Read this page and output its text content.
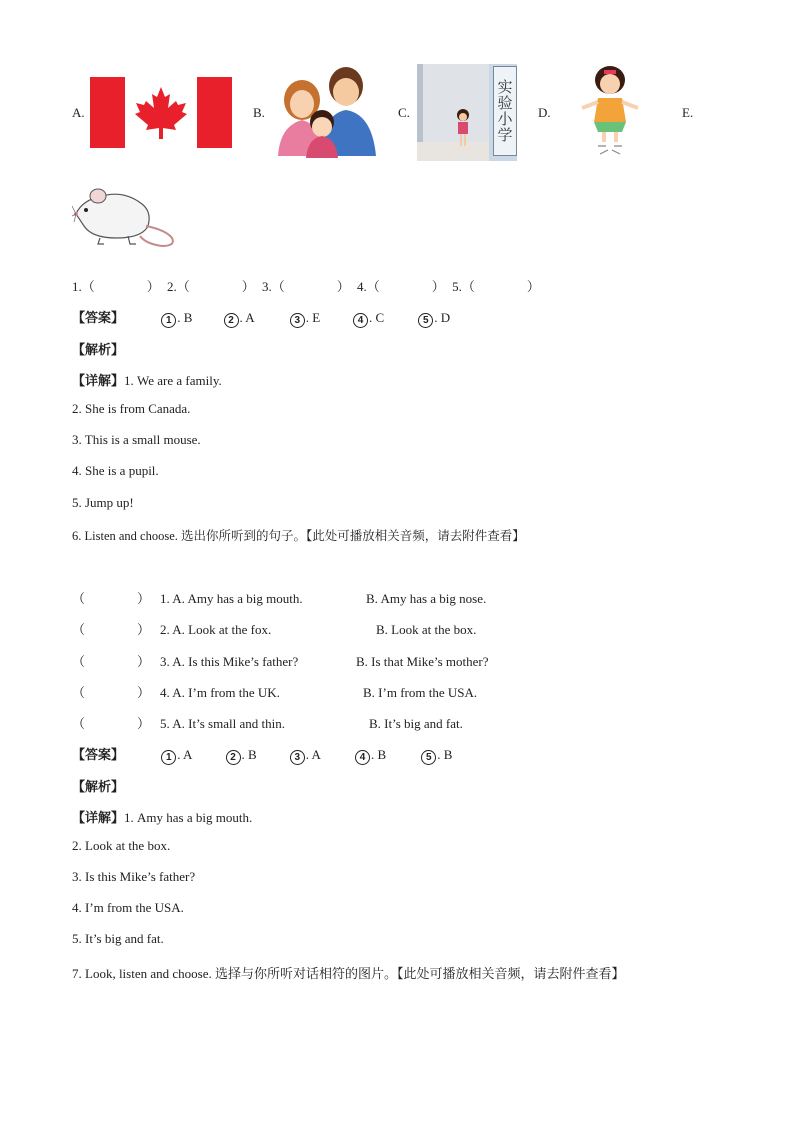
A.	B.	C.	实验小学 D.	E.
1.（　　　　） 2.（　　　　） 3.（　　　　） 4.（　　　　） 5.（　　　　）
【答案】	1 . B	2 . A	3 . E	4 . C	5 . D
【解析】
【详解】1. We are a family.
2. She is from Canada.
3. This is a small mouse.
4. She is a pupil.
5. Jump up!
6. Listen and choose. 选出你所听到的句子。【此处可播放相关音频，请去附件查看】
（　　　　） 1. A. Amy has a big mouth.	B. Amy has a big nose.
（　　　　） 2. A. Look at the fox.	B. Look at the box.
（　　　　） 3. A. Is this Mike’s father?	B. Is that Mike’s mother?
（　　　　） 4. A. I’m from the UK.	B. I’m from the USA.
（　　　　） 5. A. It’s small and thin.	B. It’s big and fat.
【答案】	1 . A	2 . B	3 . A	4 . B	5 . B
【解析】
【详解】1. Amy has a big mouth.
2. Look at the box.
3. Is this Mike’s father?
4. I’m from the USA.
5. It’s big and fat.
7. Look, listen and choose. 选择与你所听对话相符的图片。【此处可播放相关音频，请去附件查看】
